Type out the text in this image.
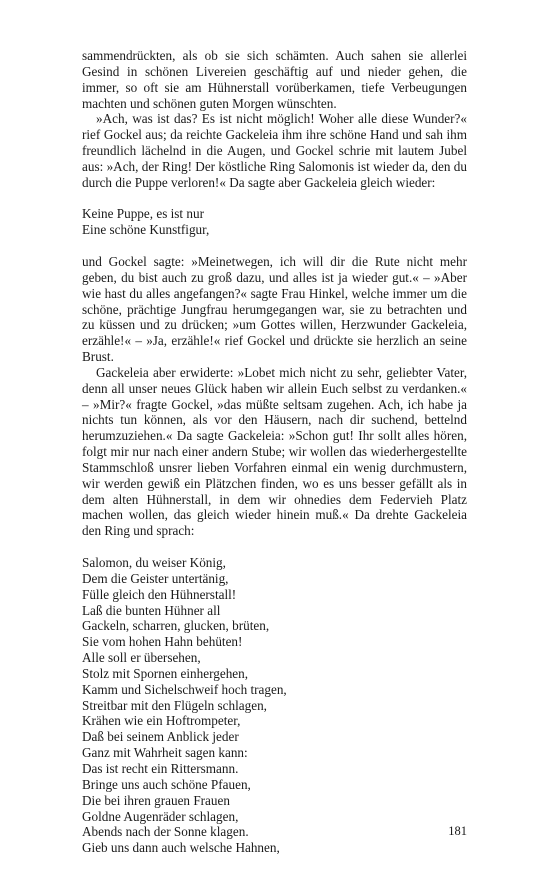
sammendrückten, als ob sie sich schämten. Auch sahen sie allerlei Gesind in schönen Livereien geschäftig auf und nieder gehen, die immer, so oft sie am Hühnerstall vorüberkamen, tiefe Verbeugungen machten und schönen guten Morgen wünschten.

»Ach, was ist das? Es ist nicht möglich! Woher alle diese Wunder?« rief Gockel aus; da reichte Gackeleia ihm ihre schöne Hand und sah ihm freundlich lächelnd in die Augen, und Gockel schrie mit lautem Jubel aus: »Ach, der Ring! Der köstliche Ring Salomonis ist wieder da, den du durch die Puppe verloren!« Da sagte aber Gackeleia gleich wieder:

Keine Puppe, es ist nur
Eine schöne Kunstfigur,

und Gockel sagte: »Meinetwegen, ich will dir die Rute nicht mehr geben, du bist auch zu groß dazu, und alles ist ja wieder gut.« – »Aber wie hast du alles angefangen?« sagte Frau Hinkel, welche immer um die schöne, prächtige Jungfrau herumgegangen war, sie zu betrachten und zu küssen und zu drücken; »um Gottes willen, Herzwunder Gackeleia, erzähle!« – »Ja, erzähle!« rief Gockel und drückte sie herzlich an seine Brust.

Gackeleia aber erwiderte: »Lobet mich nicht zu sehr, geliebter Vater, denn all unser neues Glück haben wir allein Euch selbst zu verdanken.« – »Mir?« fragte Gockel, »das müßte seltsam zugehen. Ach, ich habe ja nichts tun können, als vor den Häusern, nach dir suchend, bettelnd herumzuziehen.« Da sagte Gackeleia: »Schon gut! Ihr sollt alles hören, folgt mir nur nach einer andern Stube; wir wollen das wiederhergestellte Stammschloß unsrer lieben Vorfahren einmal ein wenig durchmustern, wir werden gewiß ein Plätzchen finden, wo es uns besser gefällt als in dem alten Hühnerstall, in dem wir ohnedies dem Federvieh Platz machen wollen, das gleich wieder hinein muß.« Da drehte Gackeleia den Ring und sprach:

Salomon, du weiser König,
Dem die Geister untertänig,
Fülle gleich den Hühnerstall!
Laß die bunten Hühner all
Gackeln, scharren, glucken, brüten,
Sie vom hohen Hahn behüten!
Alle soll er übersehen,
Stolz mit Spornen einhergehen,
Kamm und Sichelschweif hoch tragen,
Streitbar mit den Flügeln schlagen,
Krähen wie ein Hoftrompeter,
Daß bei seinem Anblick jeder
Ganz mit Wahrheit sagen kann:
Das ist recht ein Rittersmann.
Bringe uns auch schöne Pfauen,
Die bei ihren grauen Frauen
Goldne Augenräder schlagen,
Abends nach der Sonne klagen.
Gieb uns dann auch welsche Hahnen,
181
